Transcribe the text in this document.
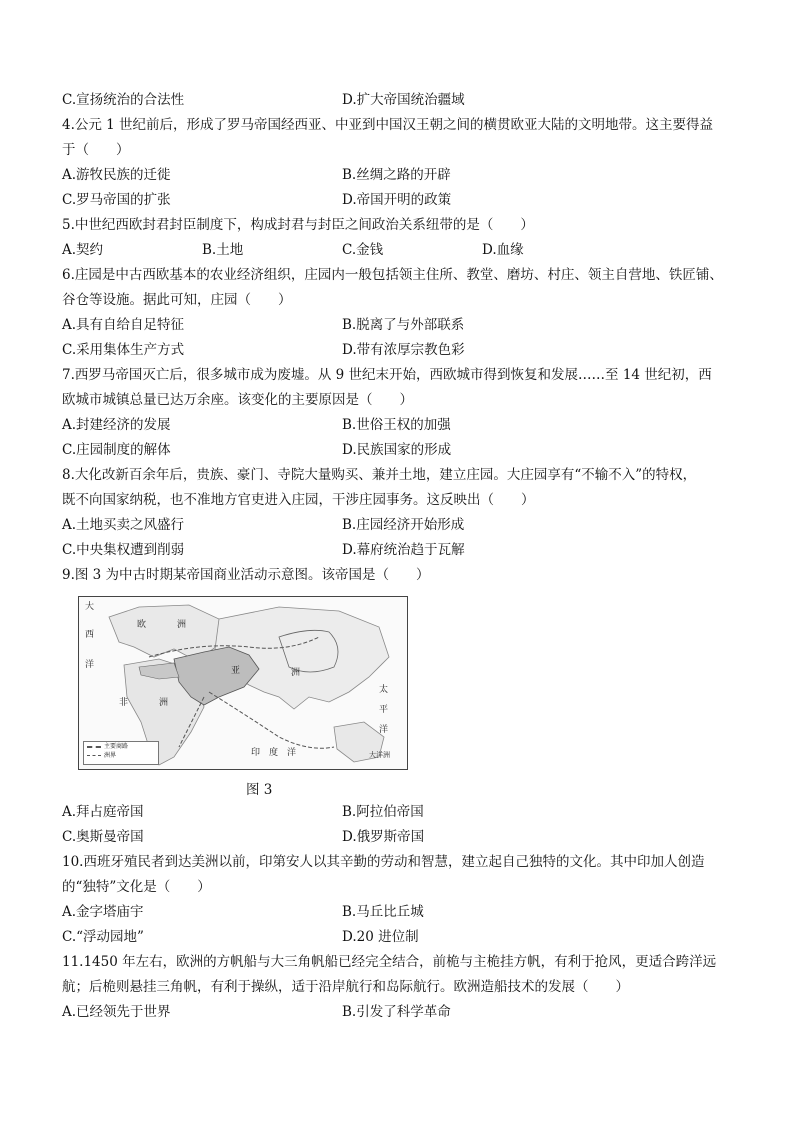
C.宣扬统治的合法性	D.扩大帝国统治疆域
4.公元 1 世纪前后，形成了罗马帝国经西亚、中亚到中国汉王朝之间的横贯欧亚大陆的文明地带。这主要得益
于（　　）
A.游牧民族的迁徙	B.丝绸之路的开辟
C.罗马帝国的扩张	D.帝国开明的政策
5.中世纪西欧封君封臣制度下，构成封君与封臣之间政治关系纽带的是（　　）
A.契约	B.土地	C.金钱	D.血缘
6.庄园是中古西欧基本的农业经济组织，庄园内一般包括领主住所、教堂、磨坊、村庄、领主自营地、铁匠铺、
谷仓等设施。据此可知，庄园（　　）
A.具有自给自足特征	B.脱离了与外部联系
C.采用集体生产方式	D.带有浓厚宗教色彩
7.西罗马帝国灭亡后，很多城市成为废墟。从 9 世纪末开始，西欧城市得到恢复和发展……至 14 世纪初，西
欧城市城镇总量已达万余座。该变化的主要原因是（　　）
A.封建经济的发展	B.世俗王权的加强
C.庄园制度的解体	D.民族国家的形成
8.大化改新百余年后，贵族、豪门、寺院大量购买、兼并土地，建立庄园。大庄园享有“不输不入”的特权，
既不向国家纳税，也不准地方官吏进入庄园，干涉庄园事务。这反映出（　　）
A.土地买卖之风盛行	B.庄园经济开始形成
C.中央集权遭到削弱	D.幕府统治趋于瓦解
9.图 3 为中古时期某帝国商业活动示意图。该帝国是（　　）
大
西
洋
欧	洲
亚	洲
非	洲
太
平
洋
印　度　洋	大洋洲
主要商路
洲界
图 3
A.拜占庭帝国	B.阿拉伯帝国
C.奥斯曼帝国	D.俄罗斯帝国
10.西班牙殖民者到达美洲以前，印第安人以其辛勤的劳动和智慧，建立起自己独特的文化。其中印加人创造
的“独特”文化是（　　）
A.金字塔庙宇	B.马丘比丘城
C.“浮动园地”	D.20 进位制
11.1450 年左右，欧洲的方帆船与大三角帆船已经完全结合，前桅与主桅挂方帆，有利于抢风，更适合跨洋远
航；后桅则悬挂三角帆，有利于操纵，适于沿岸航行和岛际航行。欧洲造船技术的发展（　　）
A.已经领先于世界	B.引发了科学革命
